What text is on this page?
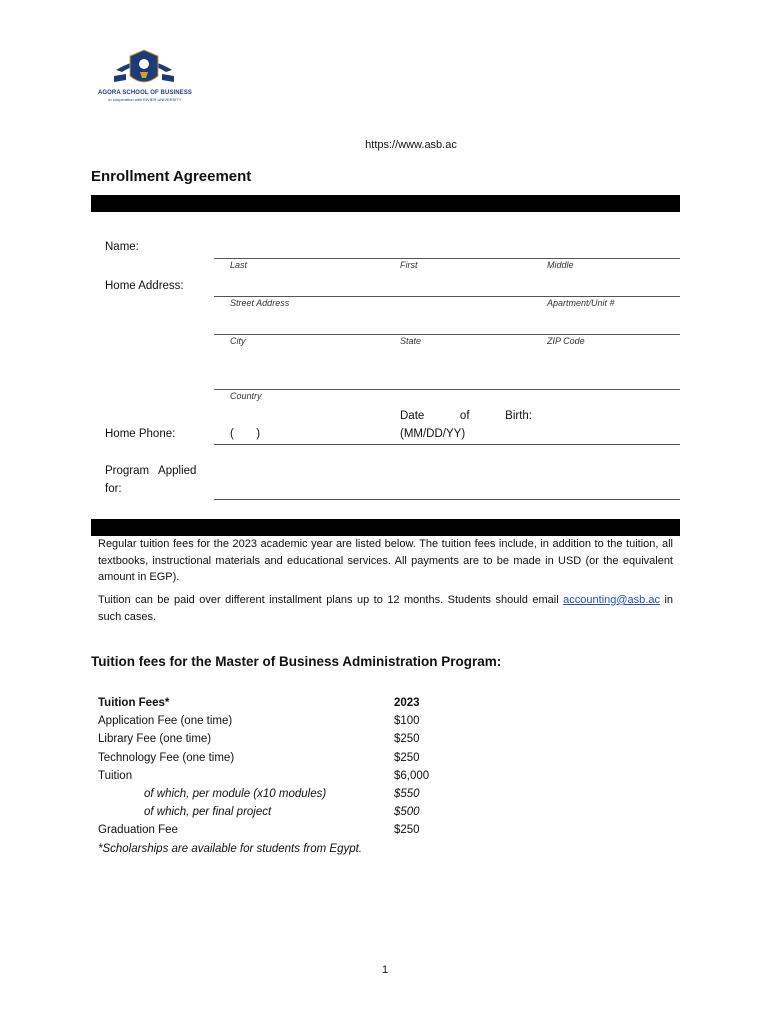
AGORA SCHOOL OF BUSINESS
in cooperation with RIVIER UNIVERSITY
https://www.asb.ac
Enrollment Agreement
Name:
Last	First	Middle
Home Address:
Street Address	Apartment/Unit #
City	State	ZIP Code
Country
Date of Birth:
(MM/DD/YY)
Home Phone:	(       )
Program   Applied
for:
Regular tuition fees for the 2023 academic year are listed below. The tuition fees include, in addition to the tuition, all textbooks, instructional materials and educational services. All payments are to be made in USD (or the equivalent amount in EGP).
Tuition can be paid over different installment plans up to 12 months. Students should email accounting@asb.ac in such cases.
Tuition fees for the Master of Business Administration Program:
Tuition Fees*	2023
Application Fee (one time)	$100
Library Fee (one time)	$250
Technology Fee (one time)	$250
Tuition	$6,000
of which, per module (x10 modules)	$550
of which, per final project	$500
Graduation Fee	$250
*Scholarships are available for students from Egypt.
1
